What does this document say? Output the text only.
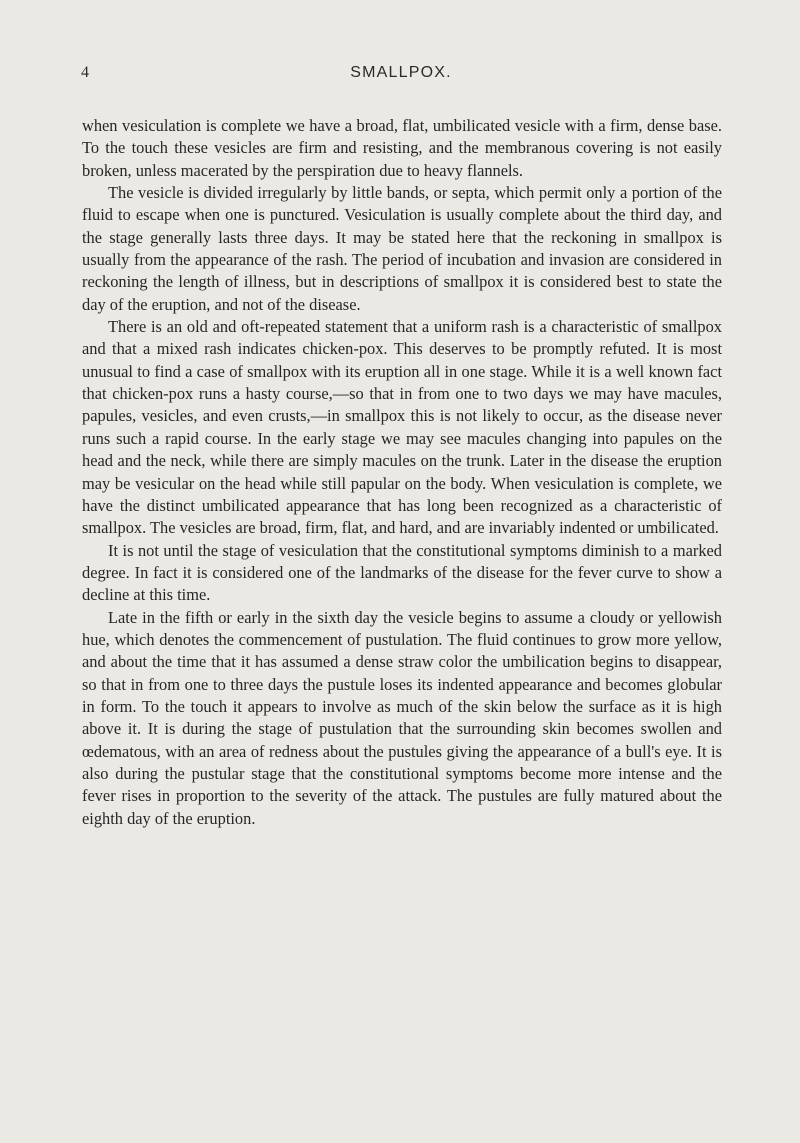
4	SMALLPOX.

when vesiculation is complete we have a broad, flat, umbilicated vesicle with a firm, dense base. To the touch these vesicles are firm and resisting, and the membranous covering is not easily broken, unless macerated by the perspiration due to heavy flannels.

The vesicle is divided irregularly by little bands, or septa, which permit only a portion of the fluid to escape when one is punctured. Vesiculation is usually complete about the third day, and the stage generally lasts three days. It may be stated here that the reckoning in smallpox is usually from the appearance of the rash. The period of incubation and invasion are considered in reckoning the length of illness, but in descriptions of smallpox it is considered best to state the day of the eruption, and not of the disease.

There is an old and oft-repeated statement that a uniform rash is a characteristic of smallpox and that a mixed rash indicates chicken-pox. This deserves to be promptly refuted. It is most unusual to find a case of smallpox with its eruption all in one stage. While it is a well known fact that chicken-pox runs a hasty course,—so that in from one to two days we may have macules, papules, vesicles, and even crusts,—in smallpox this is not likely to occur, as the disease never runs such a rapid course. In the early stage we may see macules changing into papules on the head and the neck, while there are simply macules on the trunk. Later in the disease the eruption may be vesicular on the head while still papular on the body. When vesiculation is complete, we have the distinct umbilicated appearance that has long been recognized as a characteristic of smallpox. The vesicles are broad, firm, flat, and hard, and are invariably indented or umbilicated.

It is not until the stage of vesiculation that the constitutional symptoms diminish to a marked degree. In fact it is considered one of the landmarks of the disease for the fever curve to show a decline at this time.

Late in the fifth or early in the sixth day the vesicle begins to assume a cloudy or yellowish hue, which denotes the commencement of pustulation. The fluid continues to grow more yellow, and about the time that it has assumed a dense straw color the umbilication begins to disappear, so that in from one to three days the pustule loses its indented appearance and becomes globular in form. To the touch it appears to involve as much of the skin below the surface as it is high above it. It is during the stage of pustulation that the surrounding skin becomes swollen and œdematous, with an area of redness about the pustules giving the appearance of a bull's eye. It is also during the pustular stage that the constitutional symptoms become more intense and the fever rises in proportion to the severity of the attack. The pustules are fully matured about the eighth day of the eruption.
